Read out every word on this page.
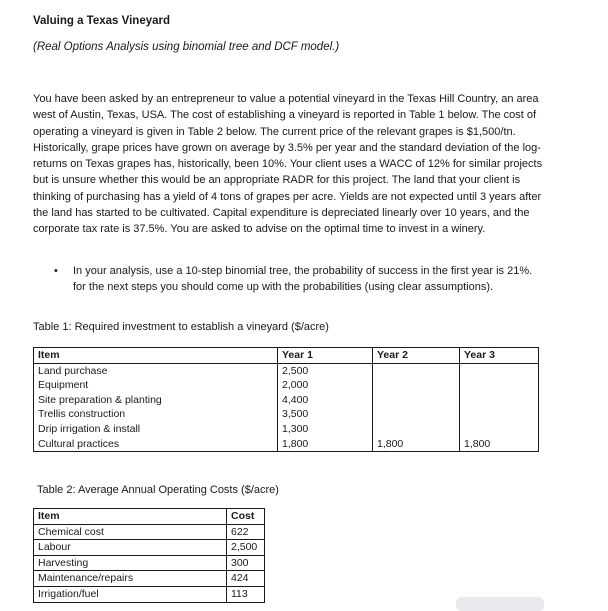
Valuing a Texas Vineyard
(Real Options Analysis using binomial tree and DCF model.)
You have been asked by an entrepreneur to value a potential vineyard in the Texas Hill Country, an area west of Austin, Texas, USA. The cost of establishing a vineyard is reported in Table 1 below. The cost of operating a vineyard is given in Table 2 below. The current price of the relevant grapes is $1,500/tn. Historically, grape prices have grown on average by 3.5% per year and the standard deviation of the log-returns on Texas grapes has, historically, been 10%. Your client uses a WACC of 12% for similar projects but is unsure whether this would be an appropriate RADR for this project. The land that your client is thinking of purchasing has a yield of 4 tons of grapes per acre. Yields are not expected until 3 years after the land has started to be cultivated. Capital expenditure is depreciated linearly over 10 years, and the corporate tax rate is 37.5%. You are asked to advise on the optimal time to invest in a winery.
• In your analysis, use a 10-step binomial tree, the probability of success in the first year is 21%. for the next steps you should come up with the probabilities (using clear assumptions).
Table 1: Required investment to establish a vineyard ($/acre)
Item	Year 1	Year 2	Year 3
Land purchase	2,500		
Equipment	2,000		
Site preparation & planting	4,400		
Trellis construction	3,500		
Drip irrigation & install	1,300		
Cultural practices	1,800	1,800	1,800
Table 2: Average Annual Operating Costs ($/acre)
Item	Cost
Chemical cost	622
Labour	2,500
Harvesting	300
Maintenance/repairs	424
Irrigation/fuel	113
